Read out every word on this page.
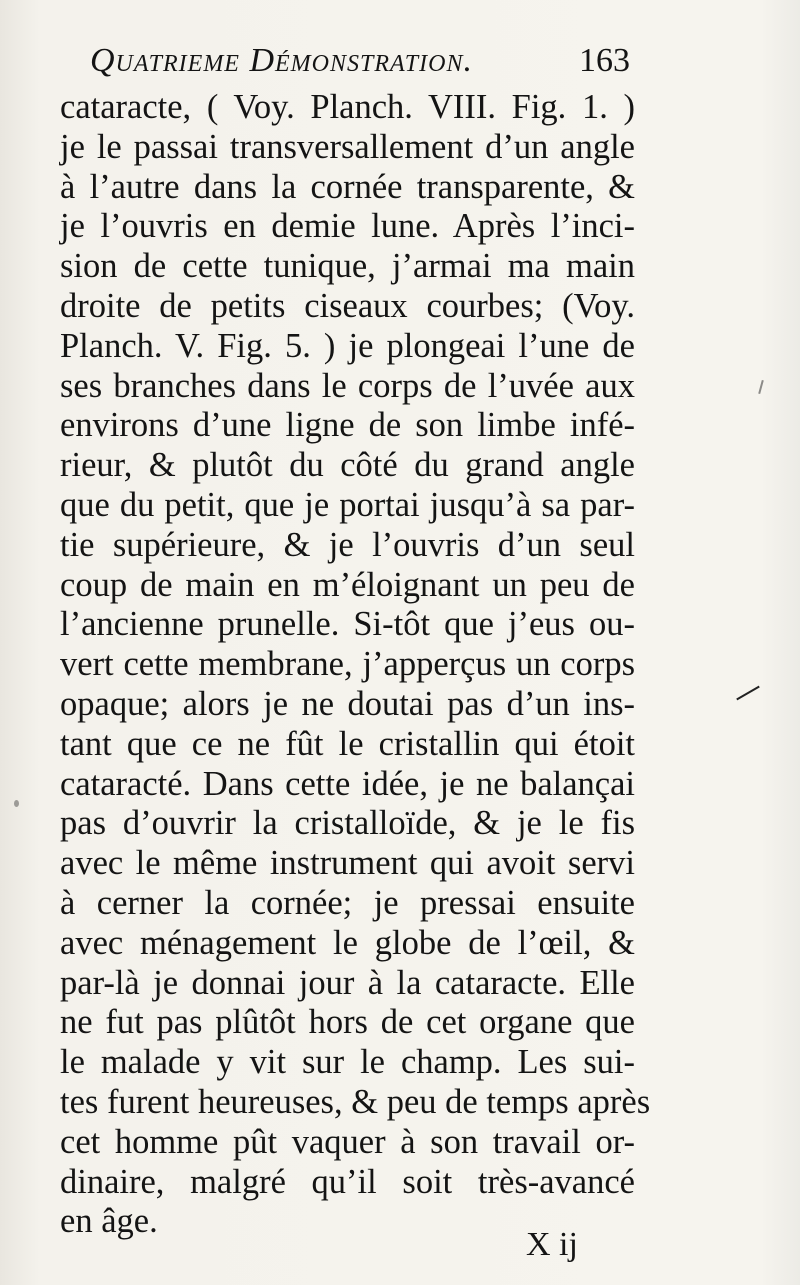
Quatrieme Démonstration.	163
cataracte, ( Voy. Planch. VIII. Fig. 1. )
je le passai transversallement d’un angle
à l’autre dans la cornée transparente, &
je l’ouvris en demie lune. Après l’inci-
sion de cette tunique, j’armai ma main
droite de petits ciseaux courbes; (Voy.
Planch. V. Fig. 5. ) je plongeai l’une de
ses branches dans le corps de l’uvée aux
environs d’une ligne de son limbe infé-
rieur, & plutôt du côté du grand angle
que du petit, que je portai jusqu’à sa par-
tie supérieure, & je l’ouvris d’un seul
coup de main en m’éloignant un peu de
l’ancienne prunelle. Si-tôt que j’eus ou-
vert cette membrane, j’apperçus un corps
opaque; alors je ne doutai pas d’un ins-
tant que ce ne fût le cristallin qui étoit
cataracté. Dans cette idée, je ne balançai
pas d’ouvrir la cristalloïde, & je le fis
avec le même instrument qui avoit servi
à cerner la cornée; je pressai ensuite
avec ménagement le globe de l’œil, &
par-là je donnai jour à la cataracte. Elle
ne fut pas plûtôt hors de cet organe que
le malade y vit sur le champ. Les sui-
tes furent heureuses, & peu de temps après
cet homme pût vaquer à son travail or-
dinaire, malgré qu’il soit très-avancé
en âge.
X ij
